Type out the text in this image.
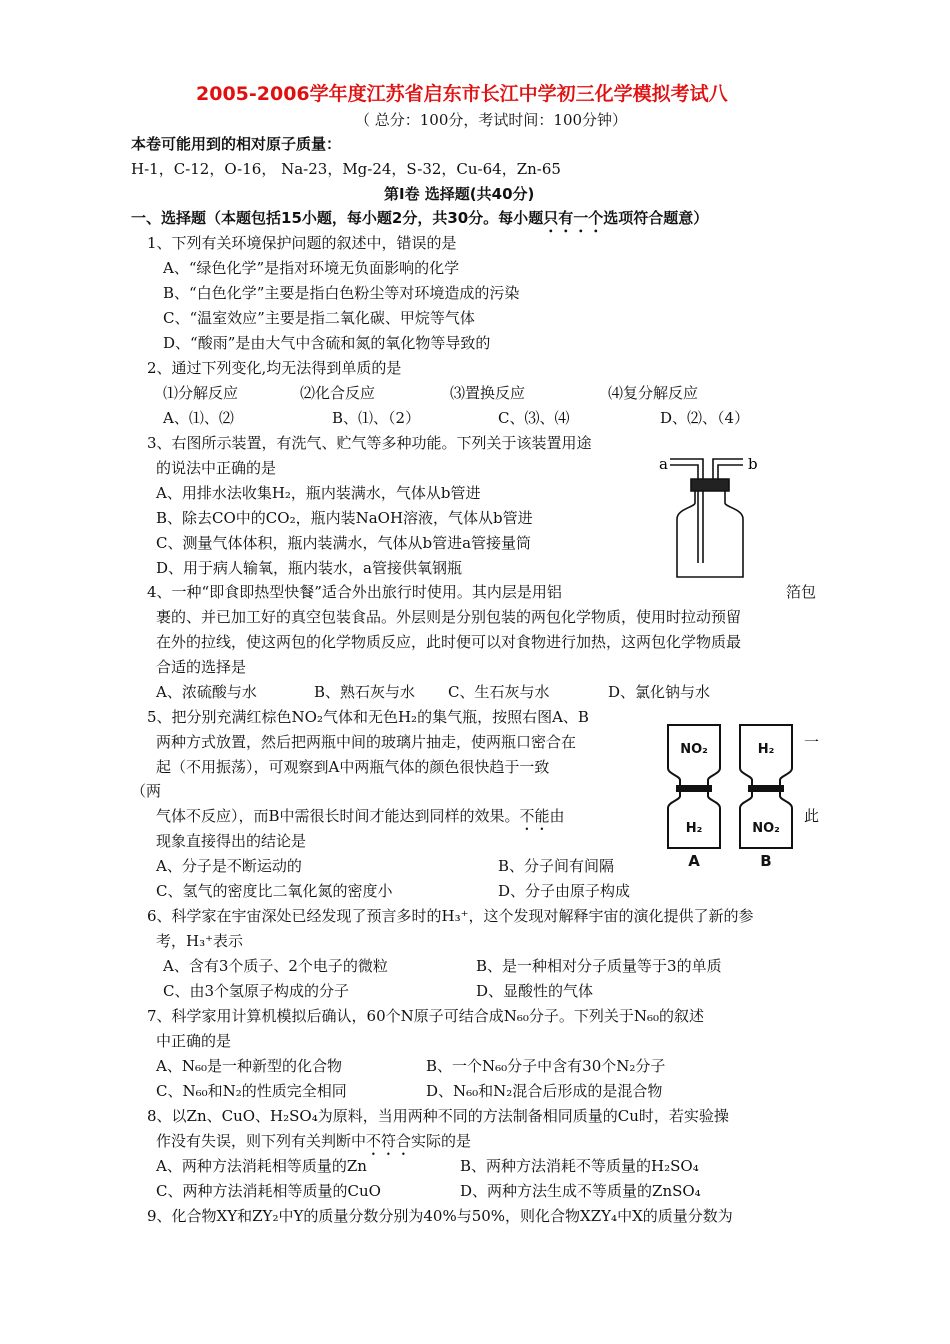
2005-2006学年度江苏省启东市长江中学初三化学模拟考试八
（ 总分：100分，考试时间：100分钟）
本卷可能用到的相对原子质量：
H-1，C-12，O-16， Na-23，Mg-24，S-32，Cu-64，Zn-65
第Ⅰ卷 选择题(共40分)
一、选择题（本题包括15小题，每小题2分，共30分。每小题只有一个选项符合题意）
1、下列有关环境保护问题的叙述中，错误的是
A、“绿色化学”是指对环境无负面影响的化学
B、“白色化学”主要是指白色粉尘等对环境造成的污染
C、“温室效应”主要是指二氧化碳、甲烷等气体
D、“酸雨”是由大气中含硫和氮的氧化物等导致的
2、通过下列变化,均无法得到单质的是
⑴分解反应	⑵化合反应	⑶置换反应	⑷复分解反应
A、⑴、⑵	B、⑴、（2）	C、⑶、⑷	D、⑵、（4）
3、右图所示装置，有洗气、贮气等多种功能。下列关于该装置用途
的说法中正确的是
A、用排水法收集H₂，瓶内装满水，气体从b管进
B、除去CO中的CO₂，瓶内装NaOH溶液，气体从b管进
C、测量气体体积，瓶内装满水，气体从b管进a管接量筒
D、用于病人输氧，瓶内装水，a管接供氧钢瓶
a	b
4、一种“即食即热型快餐”适合外出旅行时使用。其内层是用铝	箔包
裹的、并已加工好的真空包装食品。外层则是分别包装的两包化学物质，使用时拉动预留
在外的拉线，使这两包的化学物质反应，此时便可以对食物进行加热，这两包化学物质最
合适的选择是
A、浓硫酸与水	B、熟石灰与水 C、生石灰与水	D、氯化钠与水
5、把分别充满红棕色NO₂气体和无色H₂的集气瓶，按照右图A、B
两种方式放置，然后把两瓶中间的玻璃片抽走，使两瓶口密合在	一
起（不用振荡），可观察到A中两瓶气体的颜色很快趋于一致
（两
气体不反应），而B中需很长时间才能达到同样的效果。不能由	此
现象直接得出的结论是
A、分子是不断运动的	B、分子间有间隔
C、氢气的密度比二氧化氮的密度小	D、分子由原子构成
NO₂
H₂
H₂
NO₂
A	B
6、科学家在宇宙深处已经发现了预言多时的H₃⁺，这个发现对解释宇宙的演化提供了新的参
考，H₃⁺表示
A、含有3个质子、2个电子的微粒	B、是一种相对分子质量等于3的单质
C、由3个氢原子构成的分子	D、显酸性的气体
7、科学家用计算机模拟后确认，60个N原子可结合成N₆₀分子。下列关于N₆₀的叙述
中正确的是
A、N₆₀是一种新型的化合物	B、一个N₆₀分子中含有30个N₂分子
C、N₆₀和N₂的性质完全相同	D、N₆₀和N₂混合后形成的是混合物
8、以Zn、CuO、H₂SO₄为原料，当用两种不同的方法制备相同质量的Cu时，若实验操
作没有失误，则下列有关判断中不符合实际的是
A、两种方法消耗相等质量的Zn	B、两种方法消耗不等质量的H₂SO₄
C、两种方法消耗相等质量的CuO	D、两种方法生成不等质量的ZnSO₄
9、化合物XY和ZY₂中Y的质量分数分别为40%与50%，则化合物XZY₄中X的质量分数为
